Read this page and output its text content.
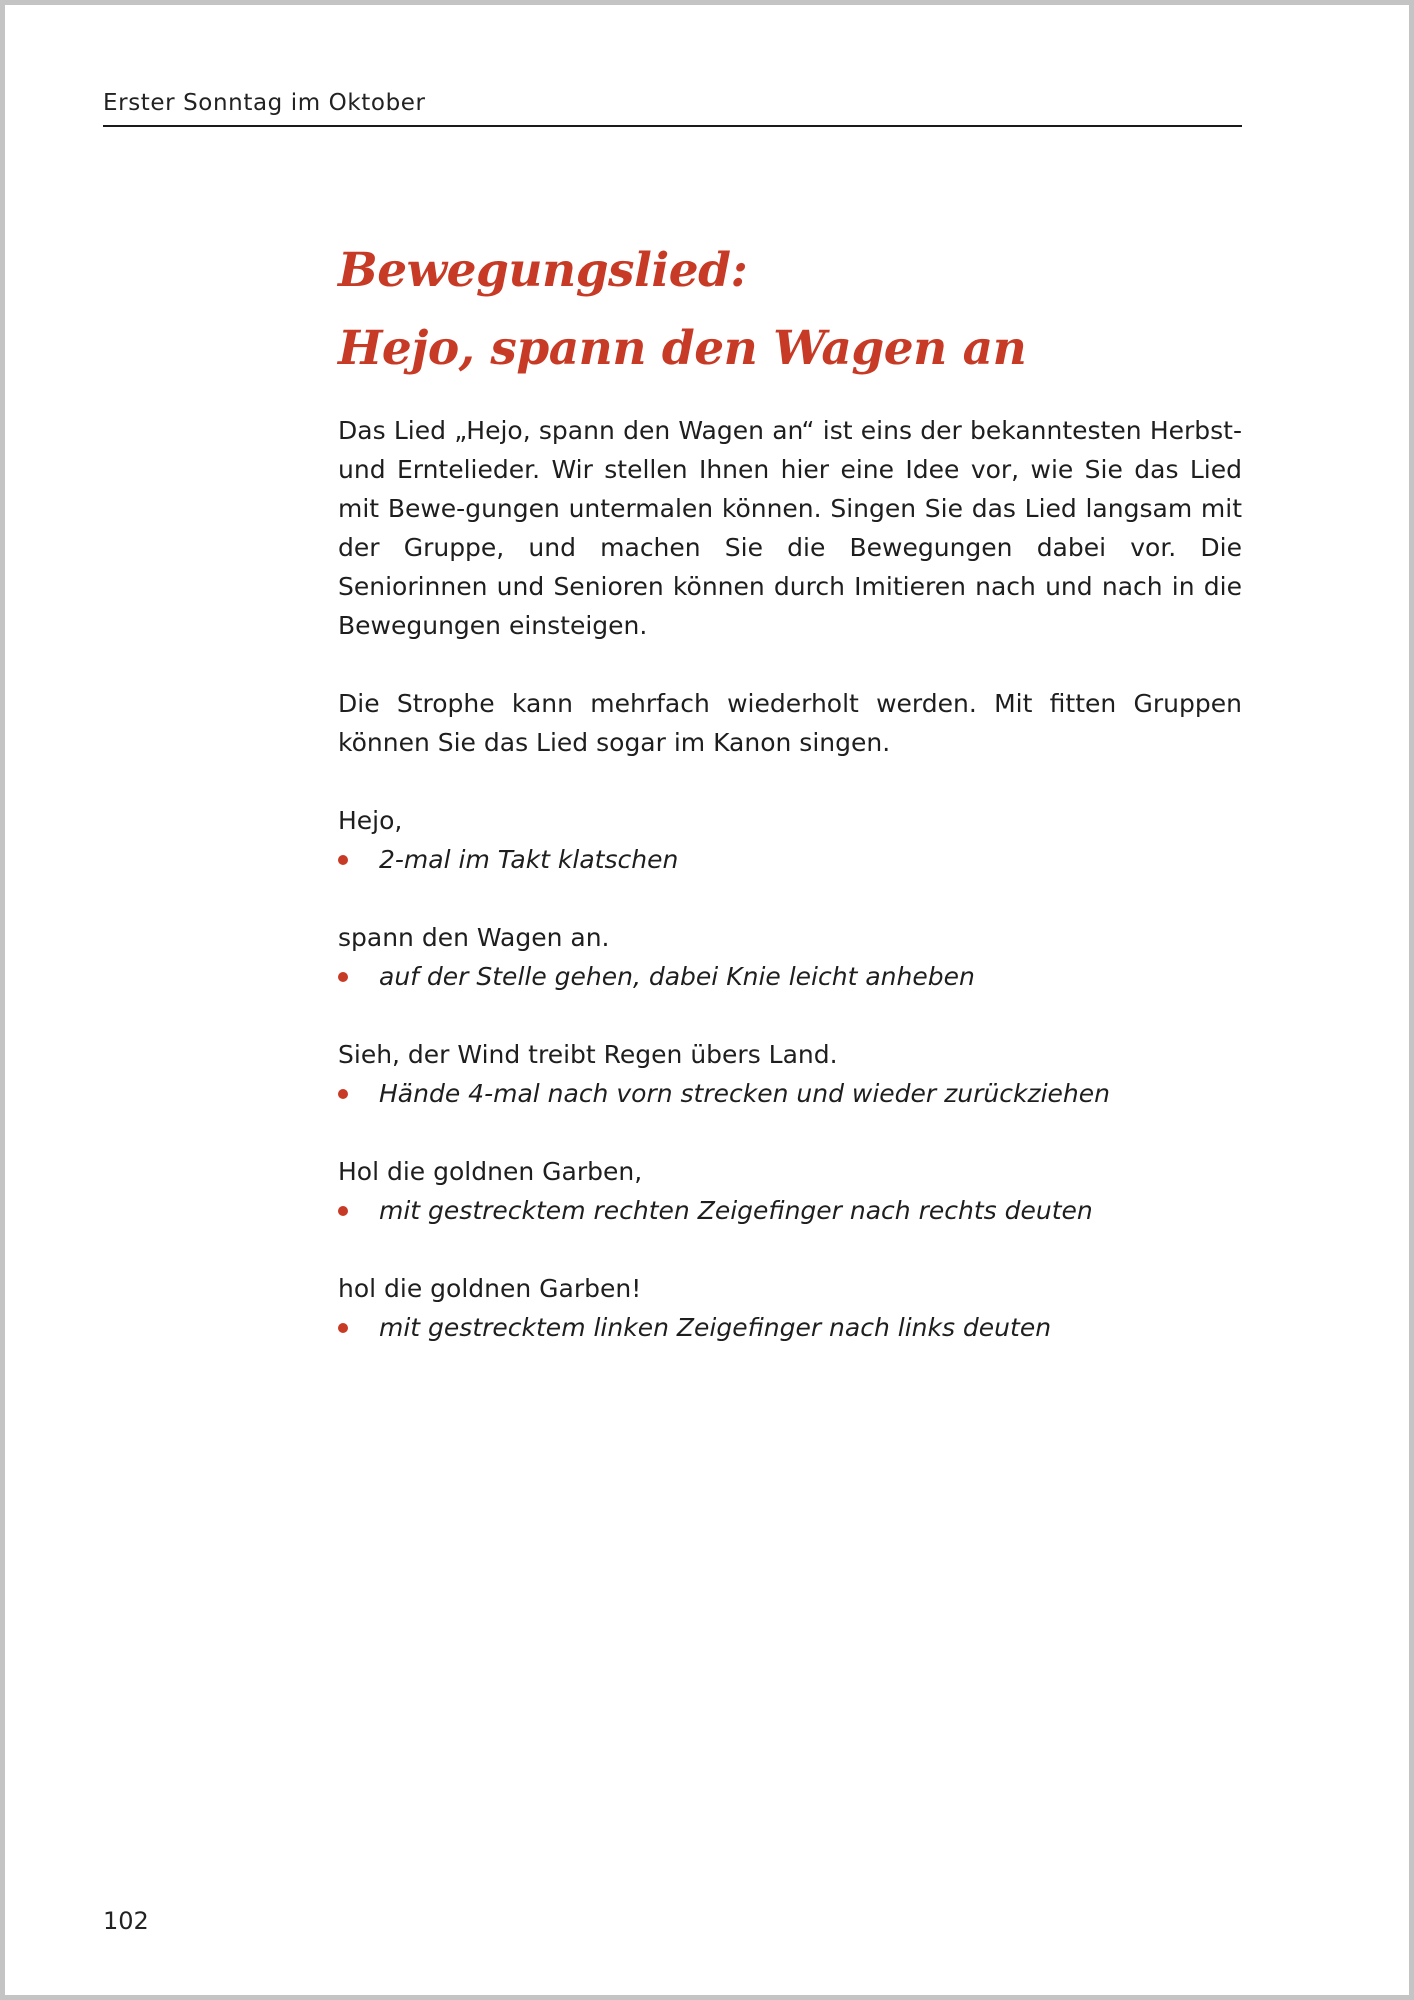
Erster Sonntag im Oktober
Bewegungslied:
Hejo, spann den Wagen an

Das Lied „Hejo, spann den Wagen an“ ist eins der bekanntesten Herbst- und Erntelieder. Wir stellen Ihnen hier eine Idee vor, wie Sie das Lied mit Bewe-gungen untermalen können. Singen Sie das Lied langsam mit der Gruppe, und machen Sie die Bewegungen dabei vor. Die Seniorinnen und Senioren können durch Imitieren nach und nach in die Bewegungen einsteigen.

Die Strophe kann mehrfach wiederholt werden. Mit fitten Gruppen können Sie das Lied sogar im Kanon singen.

Hejo,

2-mal im Takt klatschen

spann den Wagen an.

auf der Stelle gehen, dabei Knie leicht anheben

Sieh, der Wind treibt Regen übers Land.

Hände 4-mal nach vorn strecken und wieder zurückziehen

Hol die goldnen Garben,

mit gestrecktem rechten Zeigefinger nach rechts deuten

hol die goldnen Garben!

mit gestrecktem linken Zeigefinger nach links deuten
102
